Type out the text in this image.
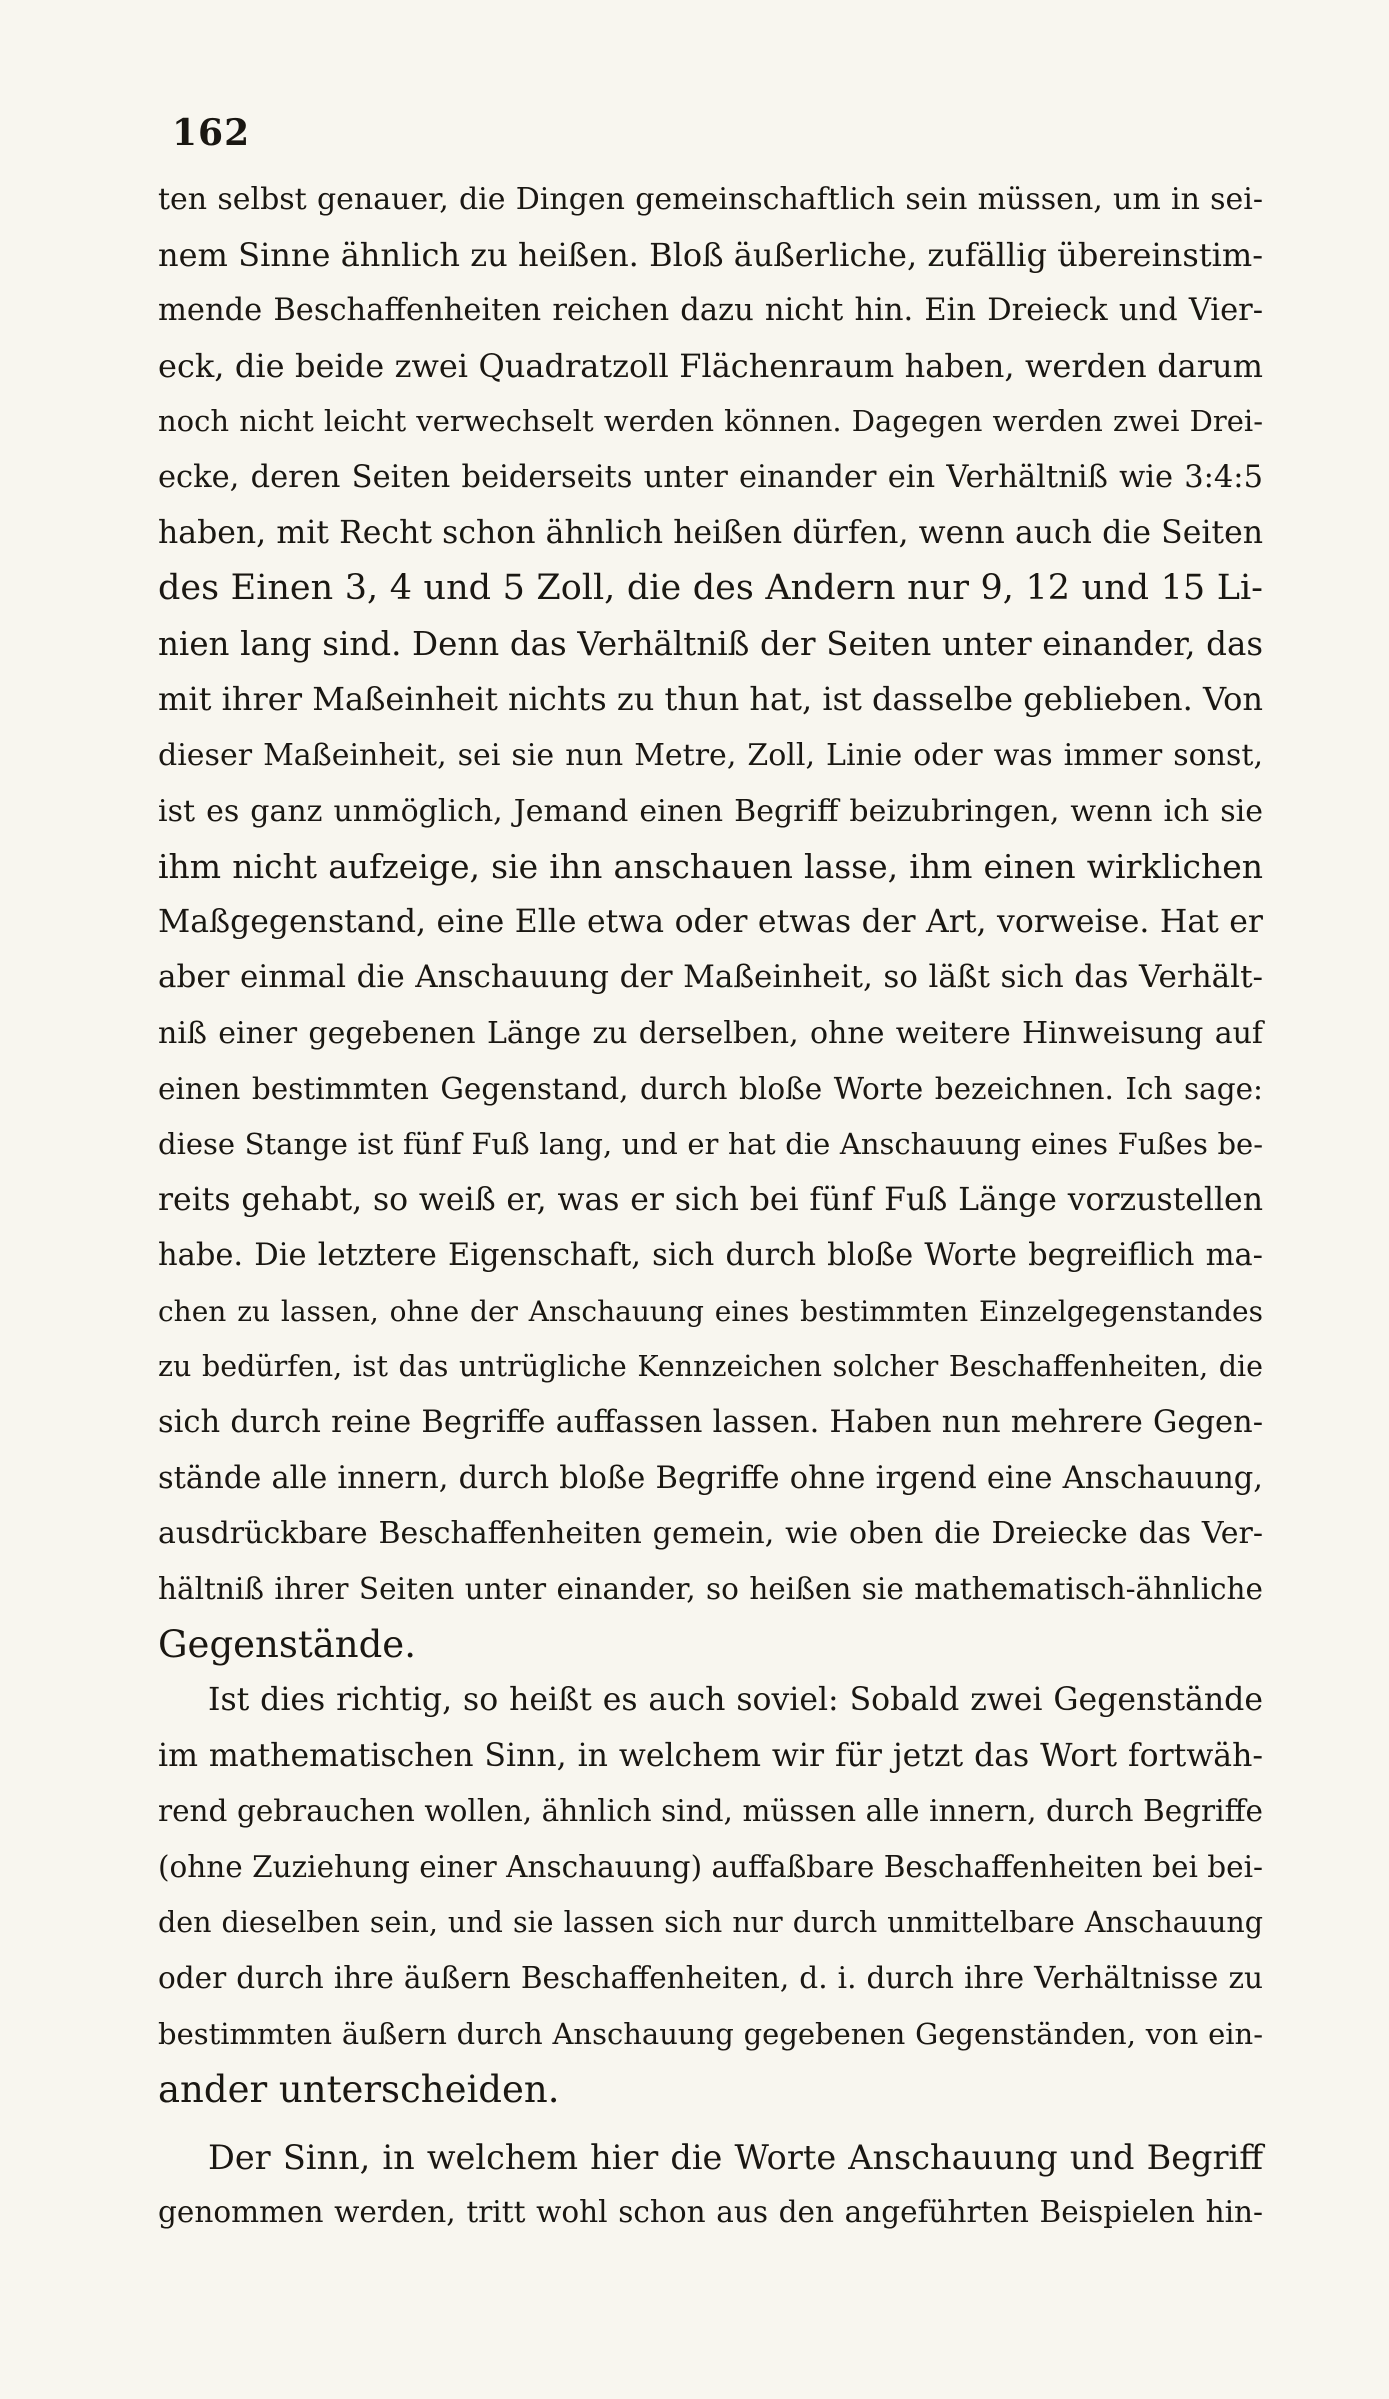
162
ten selbst genauer, die Dingen gemeinschaftlich sein müssen, um in sei-
nem Sinne ähnlich zu heißen. Bloß äußerliche, zufällig übereinstim-
mende Beschaffenheiten reichen dazu nicht hin. Ein Dreieck und Vier-
eck, die beide zwei Quadratzoll Flächenraum haben, werden darum
noch nicht leicht verwechselt werden können. Dagegen werden zwei Drei-
ecke, deren Seiten beiderseits unter einander ein Verhältniß wie 3:4:5
haben, mit Recht schon ähnlich heißen dürfen, wenn auch die Seiten
des Einen 3, 4 und 5 Zoll, die des Andern nur 9, 12 und 15 Li-
nien lang sind. Denn das Verhältniß der Seiten unter einander, das
mit ihrer Maßeinheit nichts zu thun hat, ist dasselbe geblieben. Von
dieser Maßeinheit, sei sie nun Metre, Zoll, Linie oder was immer sonst,
ist es ganz unmöglich, Jemand einen Begriff beizubringen, wenn ich sie
ihm nicht aufzeige, sie ihn anschauen lasse, ihm einen wirklichen
Maßgegenstand, eine Elle etwa oder etwas der Art, vorweise. Hat er
aber einmal die Anschauung der Maßeinheit, so läßt sich das Verhält-
niß einer gegebenen Länge zu derselben, ohne weitere Hinweisung auf
einen bestimmten Gegenstand, durch bloße Worte bezeichnen. Ich sage:
diese Stange ist fünf Fuß lang, und er hat die Anschauung eines Fußes be-
reits gehabt, so weiß er, was er sich bei fünf Fuß Länge vorzustellen
habe. Die letztere Eigenschaft, sich durch bloße Worte begreiflich ma-
chen zu lassen, ohne der Anschauung eines bestimmten Einzelgegenstandes
zu bedürfen, ist das untrügliche Kennzeichen solcher Beschaffenheiten, die
sich durch reine Begriffe auffassen lassen. Haben nun mehrere Gegen-
stände alle innern, durch bloße Begriffe ohne irgend eine Anschauung,
ausdrückbare Beschaffenheiten gemein, wie oben die Dreiecke das Ver-
hältniß ihrer Seiten unter einander, so heißen sie mathematisch-ähnliche
Gegenstände.
Ist dies richtig, so heißt es auch soviel: Sobald zwei Gegenstände
im mathematischen Sinn, in welchem wir für jetzt das Wort fortwäh-
rend gebrauchen wollen, ähnlich sind, müssen alle innern, durch Begriffe
(ohne Zuziehung einer Anschauung) auffaßbare Beschaffenheiten bei bei-
den dieselben sein, und sie lassen sich nur durch unmittelbare Anschauung
oder durch ihre äußern Beschaffenheiten, d. i. durch ihre Verhältnisse zu
bestimmten äußern durch Anschauung gegebenen Gegenständen, von ein-
ander unterscheiden.
Der Sinn, in welchem hier die Worte Anschauung und Begriff
genommen werden, tritt wohl schon aus den angeführten Beispielen hin-
